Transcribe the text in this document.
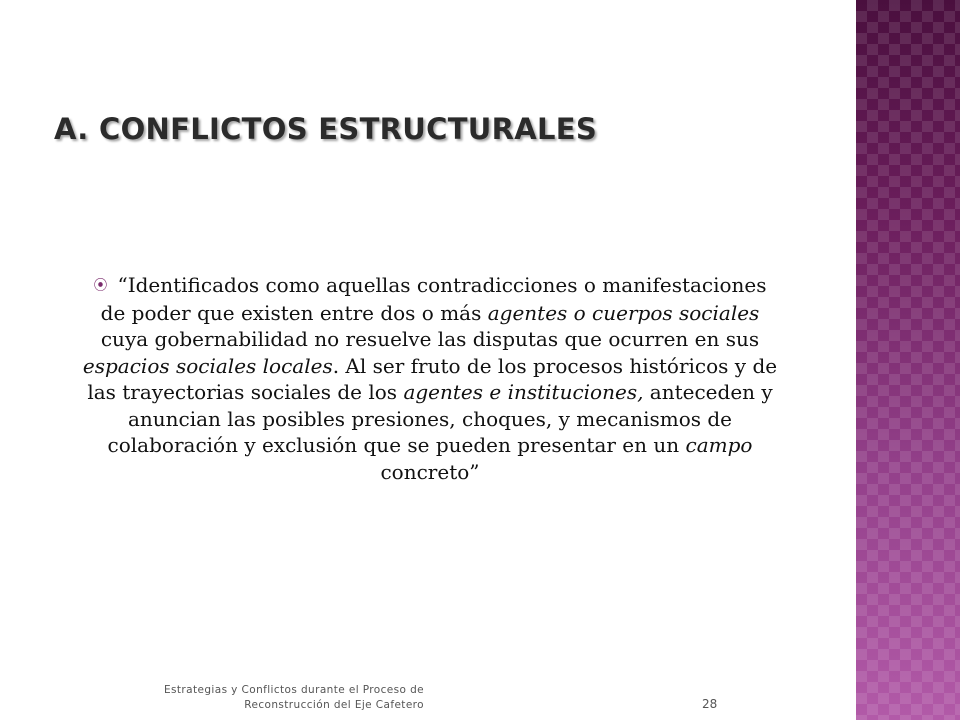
A. CONFLICTOS ESTRUCTURALES
⦿ “Identificados como aquellas contradicciones o manifestaciones de poder que existen entre dos o más agentes o cuerpos sociales cuya gobernabilidad no resuelve las disputas que ocurren en sus espacios sociales locales. Al ser fruto de los procesos históricos y de las trayectorias sociales de los agentes e instituciones, anteceden y anuncian las posibles presiones, choques, y mecanismos de colaboración y exclusión que se pueden presentar en un campo concreto”
Estrategias y Conflictos durante el Proceso de
Reconstrucción del Eje Cafetero	28
